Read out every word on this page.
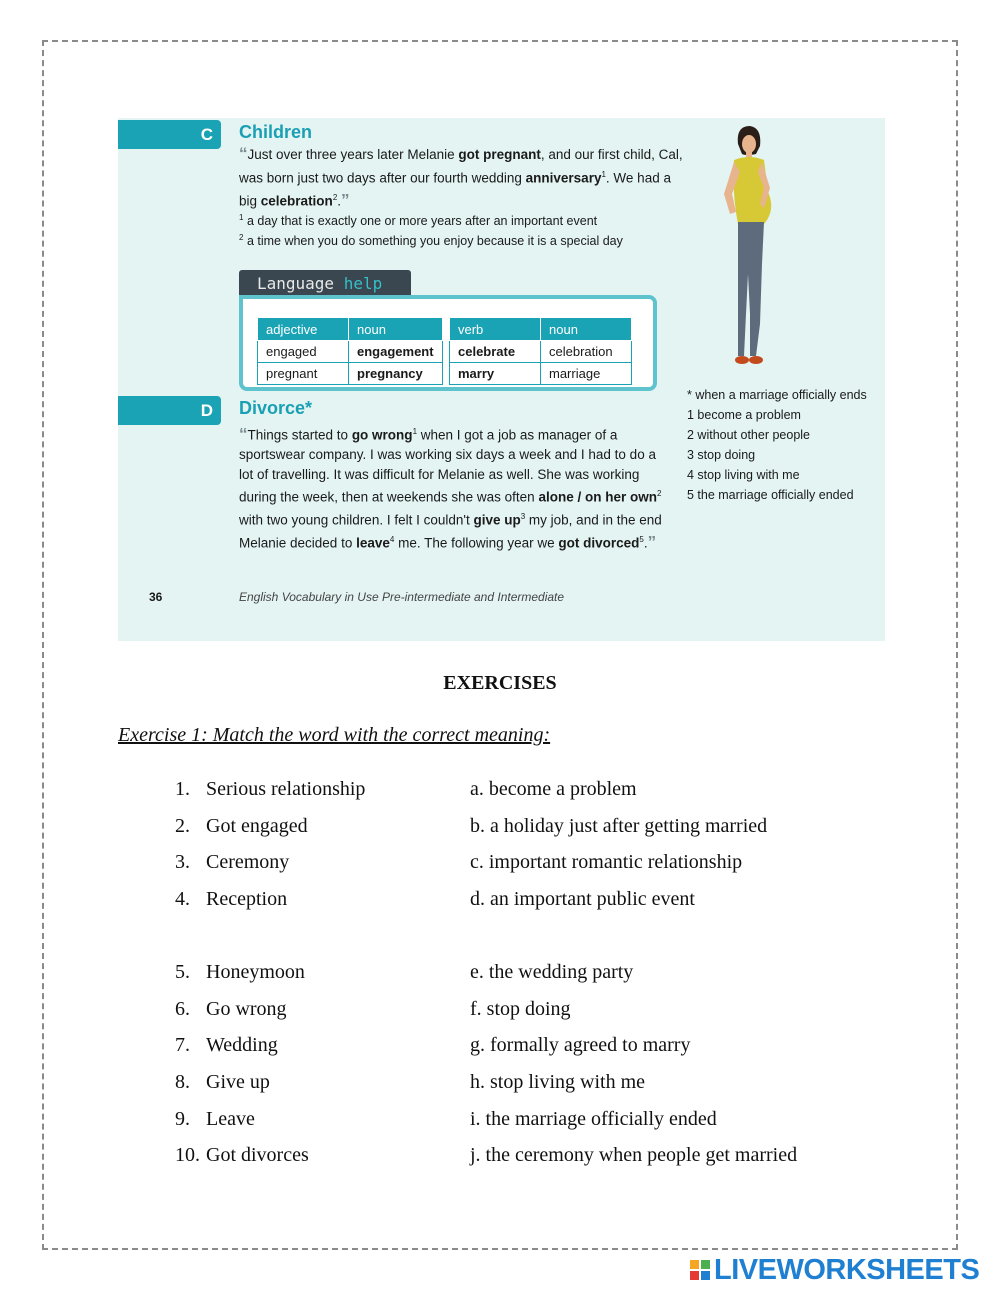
C	Children
“Just over three years later Melanie got pregnant, and our first child, Cal, was born just two days after our fourth wedding anniversary$^1$. We had a big celebration$^2$.”
$^1$ a day that is exactly one or more years after an important event
$^2$ a time when you do something you enjoy because it is a special day
Language help
adjective	noun
engaged	engagement
pregnant	pregnancy
verb	noun
celebrate	celebration
marry	marriage
D	Divorce*
“Things started to go wrong$^1$ when I got a job as manager of a sportswear company. I was working six days a week and I had to do a lot of travelling. It was difficult for Melanie as well. She was working during the week, then at weekends she was often alone / on her own$^2$ with two young children. I felt I couldn't give $up^3$ my job, and in the end Melanie decided to leave$^4$ me. The following year we got divorced$^5$.”
* when a marriage officially ends
1 become a problem
2 without other people
3 stop doing
4 stop living with me
5 the marriage officially ended
36	English Vocabulary in Use Pre-intermediate and Intermediate
EXERCISES
Exercise 1: Match the word with the correct meaning:
1. Serious relationship	a. become a problem
2. Got engaged	b. a holiday just after getting married
3. Ceremony	c. important romantic relationship
4. Reception	d. an important public event
5. Honeymoon	e. the wedding party
6. Go wrong	f. stop doing
7. Wedding	g. formally agreed to marry
8. Give up	h. stop living with me
9. Leave	i. the marriage officially ended
10. Got divorces	j. the ceremony when people get married
LIVEWORKSHEETS
